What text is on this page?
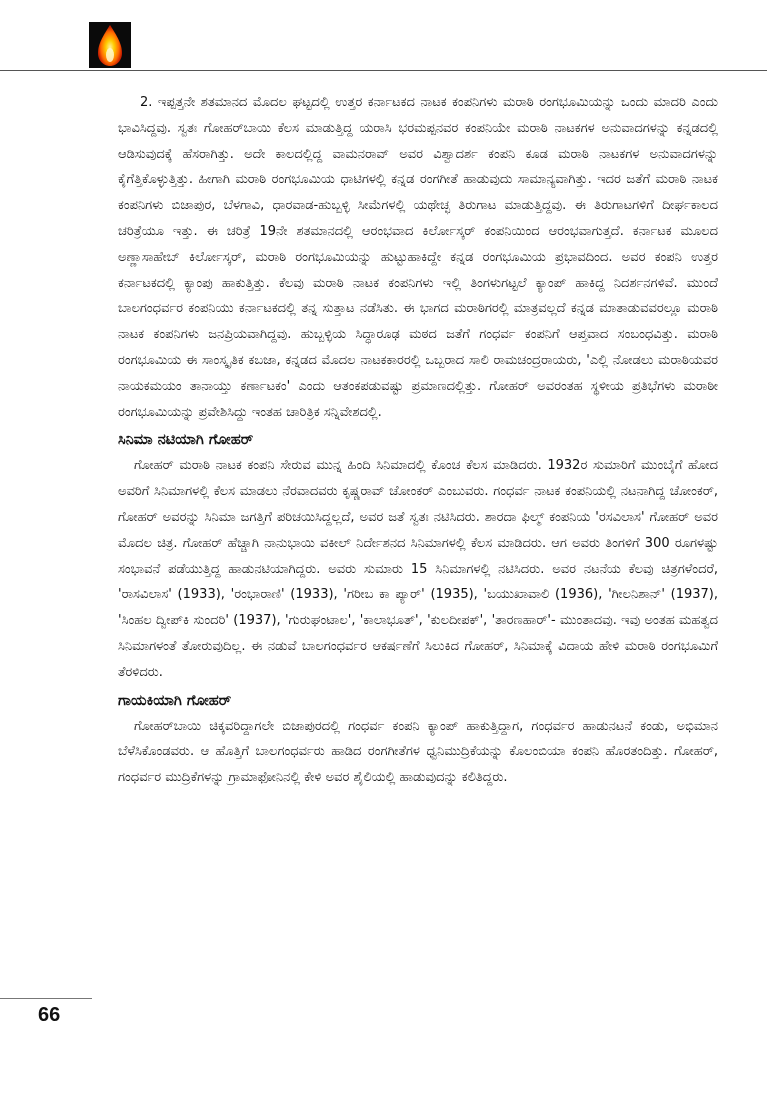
2. ಇಪ್ಪತ್ತನೇ ಶತಮಾನದ ಮೊದಲ ಘಟ್ಟದಲ್ಲಿ ಉತ್ತರ ಕರ್ನಾಟಕದ ನಾಟಕ ಕಂಪನಿಗಳು ಮರಾಠಿ ರಂಗಭೂಮಿಯನ್ನು ಒಂದು ಮಾದರಿ ಎಂದು ಭಾವಿಸಿದ್ದವು. ಸ್ವತಃ ಗೋಹರ್‌ಬಾಯಿ ಕೆಲಸ ಮಾಡುತ್ತಿದ್ದ ಯರಾಸಿ ಭರಮಪ್ಪನವರ ಕಂಪನಿಯೇ ಮರಾಠಿ ನಾಟಕಗಳ ಅನುವಾದಗಳನ್ನು ಕನ್ನಡದಲ್ಲಿ ಆಡಿಸುವುದಕ್ಕೆ ಹೆಸರಾಗಿತ್ತು. ಅದೇ ಕಾಲದಲ್ಲಿದ್ದ ವಾಮನರಾವ್ ಅವರ ವಿಶ್ವಾದರ್ಶ ಕಂಪನಿ ಕೂಡ ಮರಾಠಿ ನಾಟಕಗಳ ಅನುವಾದಗಳನ್ನು ಕೈಗೆತ್ತಿಕೊಳ್ಳುತ್ತಿತ್ತು. ಹೀಗಾಗಿ ಮರಾಠಿ ರಂಗಭೂಮಿಯ ಧಾಟಿಗಳಲ್ಲಿ ಕನ್ನಡ ರಂಗಗೀತೆ ಹಾಡುವುದು ಸಾಮಾನ್ಯವಾಗಿತ್ತು. ಇದರ ಜತೆಗೆ ಮರಾಠಿ ನಾಟಕ ಕಂಪನಿಗಳು ಬಿಜಾಪುರ, ಬೆಳಗಾವಿ, ಧಾರವಾಡ-ಹುಬ್ಬಳ್ಳಿ ಸೀಮೆಗಳಲ್ಲಿ ಯಥೇಚ್ಛ ತಿರುಗಾಟ ಮಾಡುತ್ತಿದ್ದವು. ಈ ತಿರುಗಾಟಗಳಿಗೆ ದೀರ್ಘಕಾಲದ ಚರಿತ್ರೆಯೂ ಇತ್ತು. ಈ ಚರಿತ್ರೆ 19ನೇ ಶತಮಾನದಲ್ಲಿ ಆರಂಭವಾದ ಕಿರ್ಲೋಸ್ಕರ್ ಕಂಪನಿಯಿಂದ ಆರಂಭವಾಗುತ್ತದೆ. ಕರ್ನಾಟಕ ಮೂಲದ ಅಣ್ಣಾಸಾಹೇಬ್ ಕಿರ್ಲೋಸ್ಕರ್, ಮರಾಠಿ ರಂಗಭೂಮಿಯನ್ನು ಹುಟ್ಟುಹಾಕಿದ್ದೇ ಕನ್ನಡ ರಂಗಭೂಮಿಯ ಪ್ರಭಾವದಿಂದ. ಅವರ ಕಂಪನಿ ಉತ್ತರ ಕರ್ನಾಟಕದಲ್ಲಿ ಕ್ಯಾಂಪು ಹಾಕುತ್ತಿತ್ತು. ಕೆಲವು ಮರಾಠಿ ನಾಟಕ ಕಂಪನಿಗಳು ಇಲ್ಲಿ ತಿಂಗಳುಗಟ್ಟಲೆ ಕ್ಯಾಂಪ್ ಹಾಕಿದ್ದ ನಿದರ್ಶನಗಳಿವೆ. ಮುಂದೆ ಬಾಲಗಂಧರ್ವರ ಕಂಪನಿಯು ಕರ್ನಾಟಕದಲ್ಲಿ ತನ್ನ ಸುತ್ತಾಟ ನಡೆಸಿತು. ಈ ಭಾಗದ ಮರಾಠಿಗರಲ್ಲಿ ಮಾತ್ರವಲ್ಲದೆ ಕನ್ನಡ ಮಾತಾಡುವವರಲ್ಲೂ ಮರಾಠಿ ನಾಟಕ ಕಂಪನಿಗಳು ಜನಪ್ರಿಯವಾಗಿದ್ದವು. ಹುಬ್ಬಳ್ಳಿಯ ಸಿದ್ಧಾರೂಢ ಮಠದ ಜತೆಗೆ ಗಂಧರ್ವ ಕಂಪನಿಗೆ ಆಪ್ತವಾದ ಸಂಬಂಧವಿತ್ತು. ಮರಾಠಿ ರಂಗಭೂಮಿಯ ಈ ಸಾಂಸ್ಕೃತಿಕ ಕಬಜಾ, ಕನ್ನಡದ ಮೊದಲ ನಾಟಕಕಾರರಲ್ಲಿ ಒಬ್ಬರಾದ ಸಾಲಿ ರಾಮಚಂದ್ರರಾಯರು, 'ಎಲ್ಲಿ ನೋಡಲು ಮರಾಠಿಯವರ ನಾಯಕಮಯಂ ತಾನಾಯ್ತು ಕರ್ಣಾಟಕಂ' ಎಂದು ಆತಂಕಪಡುವಷ್ಟು ಪ್ರಮಾಣದಲ್ಲಿತ್ತು. ಗೋಹರ್ ಅವರಂತಹ ಸ್ಥಳೀಯ ಪ್ರತಿಭೆಗಳು ಮರಾಠೀ ರಂಗಭೂಮಿಯನ್ನು ಪ್ರವೇಶಿಸಿದ್ದು ಇಂತಹ ಚಾರಿತ್ರಿಕ ಸನ್ನಿವೇಶದಲ್ಲಿ.

ಸಿನಿಮಾ ನಟಿಯಾಗಿ ಗೋಹರ್

ಗೋಹರ್ ಮರಾಠಿ ನಾಟಕ ಕಂಪನಿ ಸೇರುವ ಮುನ್ನ ಹಿಂದಿ ಸಿನಿಮಾದಲ್ಲಿ ಕೊಂಚ ಕೆಲಸ ಮಾಡಿದರು. 1932ರ ಸುಮಾರಿಗೆ ಮುಂಬೈಗೆ ಹೋದ ಅವರಿಗೆ ಸಿನಿಮಾಗಳಲ್ಲಿ ಕೆಲಸ ಮಾಡಲು ನೆರವಾದವರು ಕೃಷ್ಣರಾವ್ ಚೋಂಕರ್ ಎಂಬುವರು. ಗಂಧರ್ವ ನಾಟಕ ಕಂಪನಿಯಲ್ಲಿ ನಟನಾಗಿದ್ದ ಚೋಂಕರ್, ಗೋಹರ್ ಅವರನ್ನು ಸಿನಿಮಾ ಜಗತ್ತಿಗೆ ಪರಿಚಯಿಸಿದ್ದಲ್ಲದೆ, ಅವರ ಜತೆ ಸ್ವತಃ ನಟಿಸಿದರು. ಶಾರದಾ ಫಿಲ್ಮ್ ಕಂಪನಿಯ 'ರಸವಿಲಾಸ' ಗೋಹರ್ ಅವರ ಮೊದಲ ಚಿತ್ರ. ಗೋಹರ್ ಹೆಚ್ಚಾಗಿ ನಾನುಭಾಯಿ ವಕೀಲ್ ನಿರ್ದೇಶನದ ಸಿನಿಮಾಗಳಲ್ಲಿ ಕೆಲಸ ಮಾಡಿದರು. ಆಗ ಅವರು ತಿಂಗಳಿಗೆ 300 ರೂಗಳಷ್ಟು ಸಂಭಾವನೆ ಪಡೆಯುತ್ತಿದ್ದ ಹಾಡುನಟಿಯಾಗಿದ್ದರು. ಅವರು ಸುಮಾರು 15 ಸಿನಿಮಾಗಳಲ್ಲಿ ನಟಿಸಿದರು. ಅವರ ನಟನೆಯ ಕೆಲವು ಚಿತ್ರಗಳೆಂದರೆ, 'ರಾಸವಿಲಾಸ' (1933), 'ರಂಭಾರಾಣಿ' (1933), 'ಗರೀಬ ಕಾ ಪ್ಯಾರ್' (1935), 'ಬಯುಖಾವಾಲಿ (1936), 'ಗೀಲನಿಶಾನ್' (1937), 'ಸಿಂಹಲ ದ್ವೀಪ್‌ಕಿ ಸುಂದರಿ' (1937), 'ಗುರುಘಂಟಾಲ', 'ಕಾಲಾಭೂತ್', 'ಕುಲದೀಪಕ್', 'ತಾರಣಹಾರ್'- ಮುಂತಾದವು. ಇವು ಅಂತಹ ಮಹತ್ವದ ಸಿನಿಮಾಗಳಂತೆ ತೋರುವುದಿಲ್ಲ. ಈ ನಡುವೆ ಬಾಲಗಂಧರ್ವರ ಆಕರ್ಷಣೆಗೆ ಸಿಲುಕಿದ ಗೋಹರ್, ಸಿನಿಮಾಕ್ಕೆ ವಿದಾಯ ಹೇಳಿ ಮರಾಠಿ ರಂಗಭೂಮಿಗೆ ತೆರಳಿದರು.

ಗಾಯಕಿಯಾಗಿ ಗೋಹರ್

ಗೋಹರ್‌ಬಾಯಿ ಚಿಕ್ಕವರಿದ್ದಾಗಲೇ ಬಿಜಾಪುರದಲ್ಲಿ ಗಂಧರ್ವ ಕಂಪನಿ ಕ್ಯಾಂಪ್ ಹಾಕುತ್ತಿದ್ದಾಗ, ಗಂಧರ್ವರ ಹಾಡುನಟನೆ ಕಂಡು, ಅಭಿಮಾನ ಬೆಳೆಸಿಕೊಂಡವರು. ಆ ಹೊತ್ತಿಗೆ ಬಾಲಗಂಧರ್ವರು ಹಾಡಿದ ರಂಗಗೀತೆಗಳ ಧ್ವನಿಮುದ್ರಿಕೆಯನ್ನು ಕೊಲಂಬಿಯಾ ಕಂಪನಿ ಹೊರತಂದಿತ್ತು. ಗೋಹರ್, ಗಂಧರ್ವರ ಮುದ್ರಿಕೆಗಳನ್ನು ಗ್ರಾಮಾಫೋನಿನಲ್ಲಿ ಕೇಳಿ ಅವರ ಶೈಲಿಯಲ್ಲಿ ಹಾಡುವುದನ್ನು ಕಲಿತಿದ್ದರು.

66
